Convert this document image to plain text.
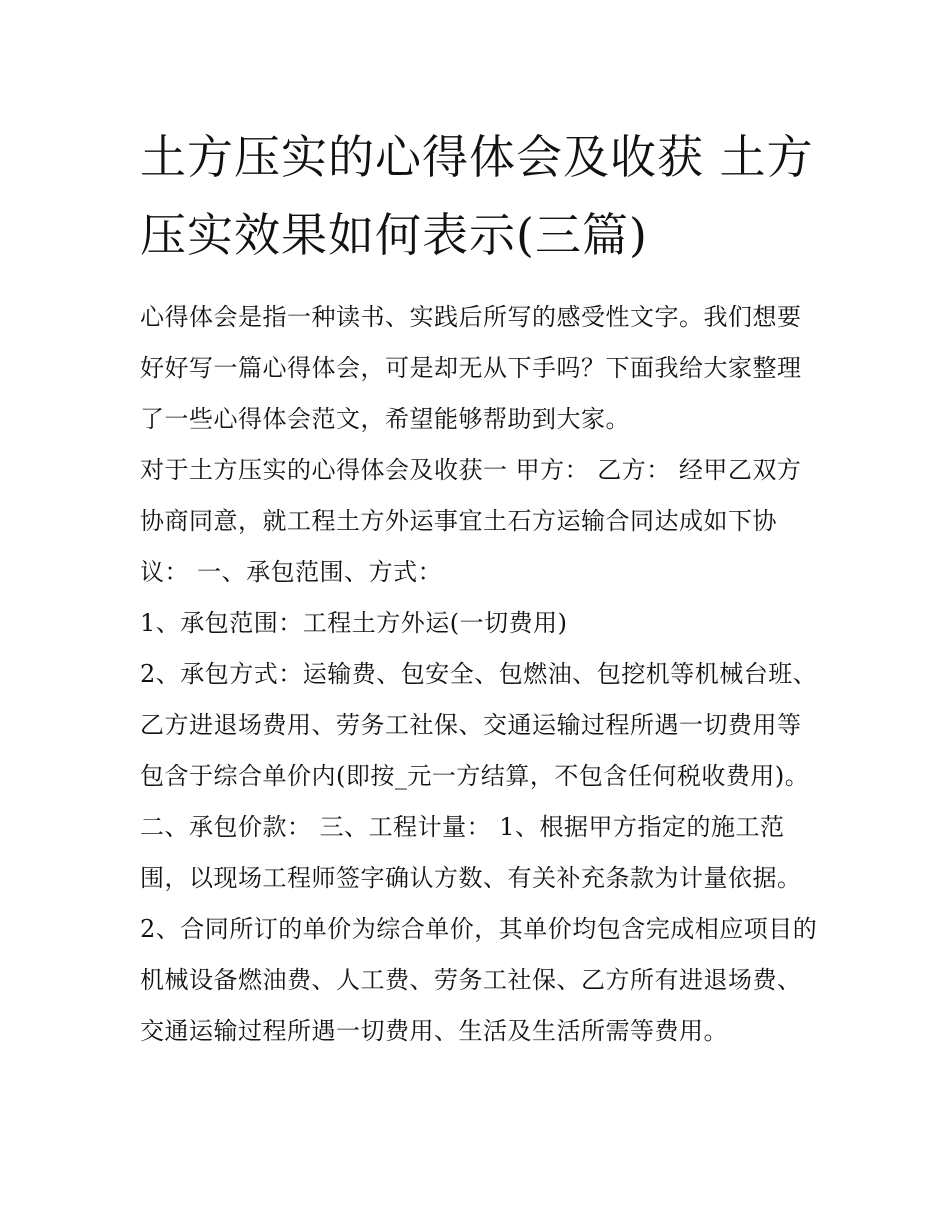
土方压实的心得体会及收获 土方压实效果如何表示(三篇)

心得体会是指一种读书、实践后所写的感受性文字。我们想要好好写一篇心得体会，可是却无从下手吗？下面我给大家整理了一些心得体会范文，希望能够帮助到大家。

对于土方压实的心得体会及收获一 甲方： 乙方： 经甲乙双方协商同意，就工程土方外运事宜土石方运输合同达成如下协议： 一、承包范围、方式：

1、承包范围：工程土方外运(一切费用)

2、承包方式：运输费、包安全、包燃油、包挖机等机械台班、乙方进退场费用、劳务工社保、交通运输过程所遇一切费用等包含于综合单价内(即按_元一方结算，不包含任何税收费用)。

二、承包价款： 三、工程计量： 1、根据甲方指定的施工范围，以现场工程师签字确认方数、有关补充条款为计量依据。

2、合同所订的单价为综合单价，其单价均包含完成相应项目的机械设备燃油费、人工费、劳务工社保、乙方所有进退场费、交通运输过程所遇一切费用、生活及生活所需等费用。
